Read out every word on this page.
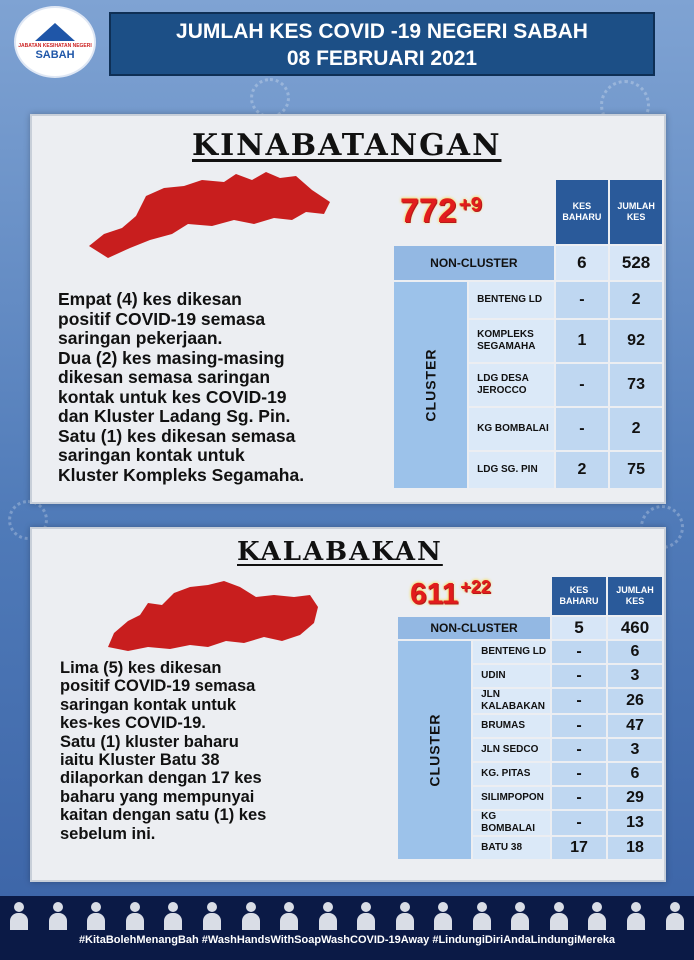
JABATAN KESIHATAN NEGERI
SABAH
JUMLAH KES COVID -19 NEGERI SABAH
08 FEBRUARI 2021
KINABATANGAN
$772^{+9}$
Empat (4) kes dikesan
positif COVID-19 semasa
saringan pekerjaan.
Dua (2) kes masing-masing
dikesan semasa saringan
kontak untuk kes COVID-19
dan Kluster Ladang Sg. Pin.
Satu (1) kes dikesan semasa
saringan kontak untuk
Kluster Kompleks Segamaha.
		KES BAHARU	JUMLAH KES
NON-CLUSTER		6	528

CLUSTER	BENTENG LD	-	2
	KOMPLEKS SEGAMAHA	1	92
	LDG DESA JEROCCO	-	73
	KG BOMBALAI	-	2
	LDG SG. PIN	2	75
KALABAKAN
611 $^{+22}$
Lima (5) kes dikesan
positif COVID-19 semasa
saringan kontak untuk
kes-kes COVID-19.
Satu (1) kluster baharu
iaitu Kluster Batu 38
dilaporkan dengan 17 kes
baharu yang mempunyai
kaitan dengan satu (1) kes
sebelum ini.
		KES BAHARU	JUMLAH KES
NON-CLUSTER		5	460

CLUSTER	BENTENG LD	-	6
	UDIN	-	3
	JLN KALABAKAN	-	26
	BRUMAS	-	47
	JLN SEDCO	-	3
	KG. PITAS	-	6
	SILIMPOPON	-	29
	KG BOMBALAI	-	13
	BATU 38	17	18
#KitaBolehMenangBah #WashHandsWithSoapWashCOVID-19Away #LindungiDiriAndaLindungiMereka
